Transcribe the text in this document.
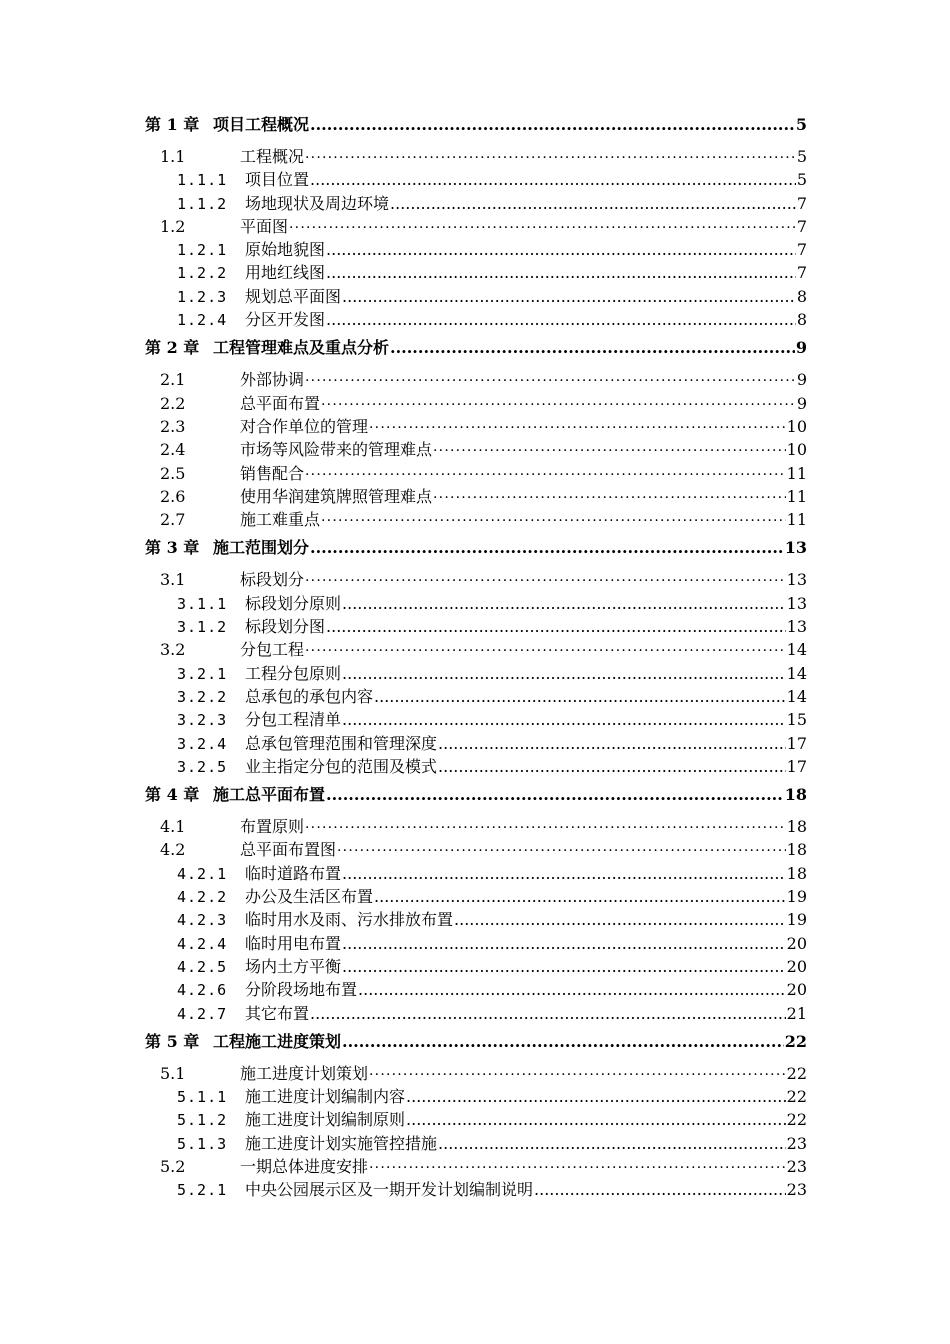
第 1 章 项目工程概况 .....	5
1.1	工程概况 ·····	5
1.1.1	项目位置 .....	5
1.1.2	场地现状及周边环境 .....	7
1.2	平面图 ·····	7
1.2.1	原始地貌图 .....	7
1.2.2	用地红线图 .....	7
1.2.3	规划总平面图 .....	8
1.2.4	分区开发图 .....	8
第 2 章 工程管理难点及重点分析 .....	9
2.1	外部协调 ·····	9
2.2	总平面布置 ·····	9
2.3	对合作单位的管理 ·····	10
2.4	市场等风险带来的管理难点 ·····	10
2.5	销售配合 ·····	11
2.6	使用华润建筑牌照管理难点 ·····	11
2.7	施工难重点 ·····	11
第 3 章 施工范围划分 .....	13
3.1	标段划分 ·····	13
3.1.1	标段划分原则 .....	13
3.1.2	标段划分图 .....	13
3.2	分包工程 ·····	14
3.2.1	工程分包原则 .....	14
3.2.2	总承包的承包内容 .....	14
3.2.3	分包工程清单 .....	15
3.2.4	总承包管理范围和管理深度 .....	17
3.2.5	业主指定分包的范围及模式 .....	17
第 4 章 施工总平面布置 .....	18
4.1	布置原则 ·····	18
4.2	总平面布置图 ·····	18
4.2.1	临时道路布置 .....	18
4.2.2	办公及生活区布置 .....	19
4.2.3	临时用水及雨、污水排放布置 .....	19
4.2.4	临时用电布置 .....	20
4.2.5	场内土方平衡 .....	20
4.2.6	分阶段场地布置 .....	20
4.2.7	其它布置 .....	21
第 5 章 工程施工进度策划 .....	22
5.1	施工进度计划策划 ·····	22
5.1.1	施工进度计划编制内容 .....	22
5.1.2	施工进度计划编制原则 .....	22
5.1.3	施工进度计划实施管控措施 .....	23
5.2	一期总体进度安排 ·····	23
5.2.1	中央公园展示区及一期开发计划编制说明 .....	23
